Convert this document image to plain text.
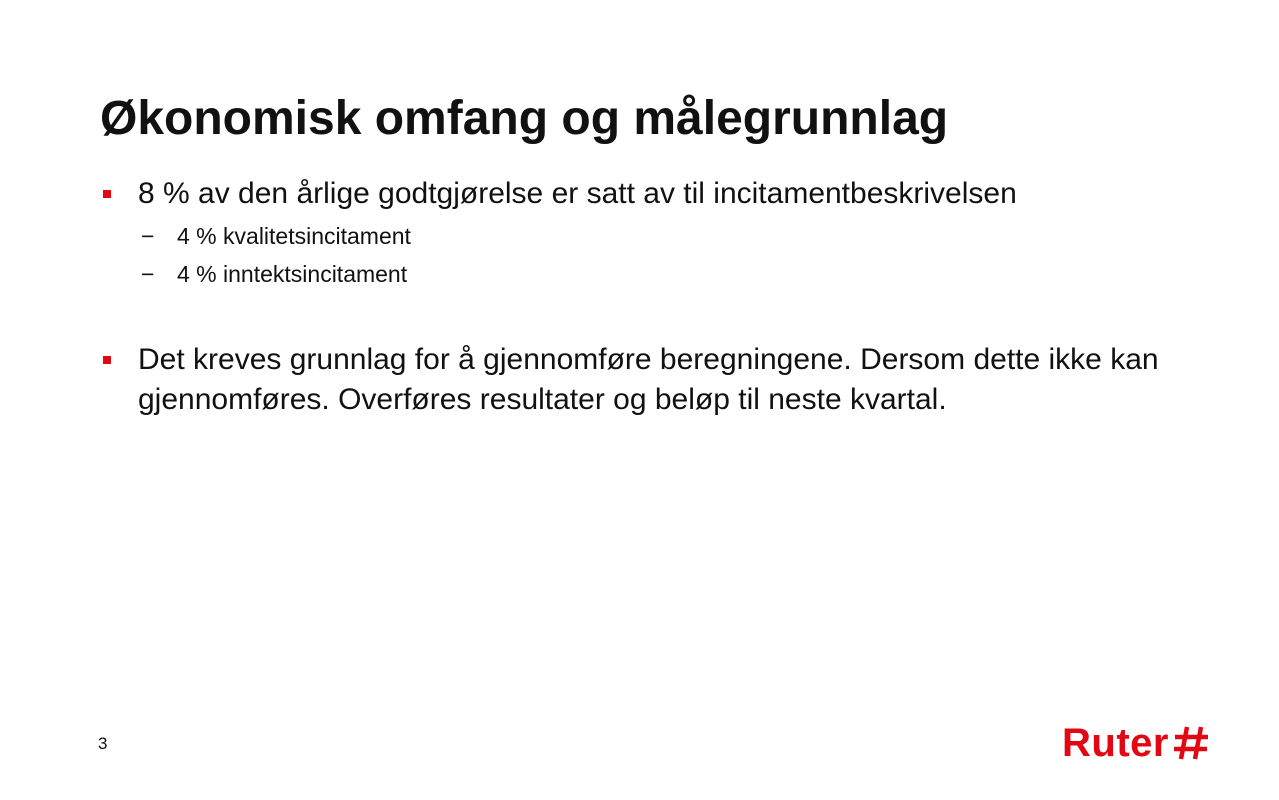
Økonomisk omfang og målegrunnlag
8 % av den årlige godtgjørelse er satt av til incitamentbeskrivelsen
− 4 % kvalitetsincitament
− 4 % inntektsincitament
Det kreves grunnlag for å gjennomføre beregningene. Dersom dette ikke kan gjennomføres. Overføres resultater og beløp til neste kvartal.
3	Ruter
